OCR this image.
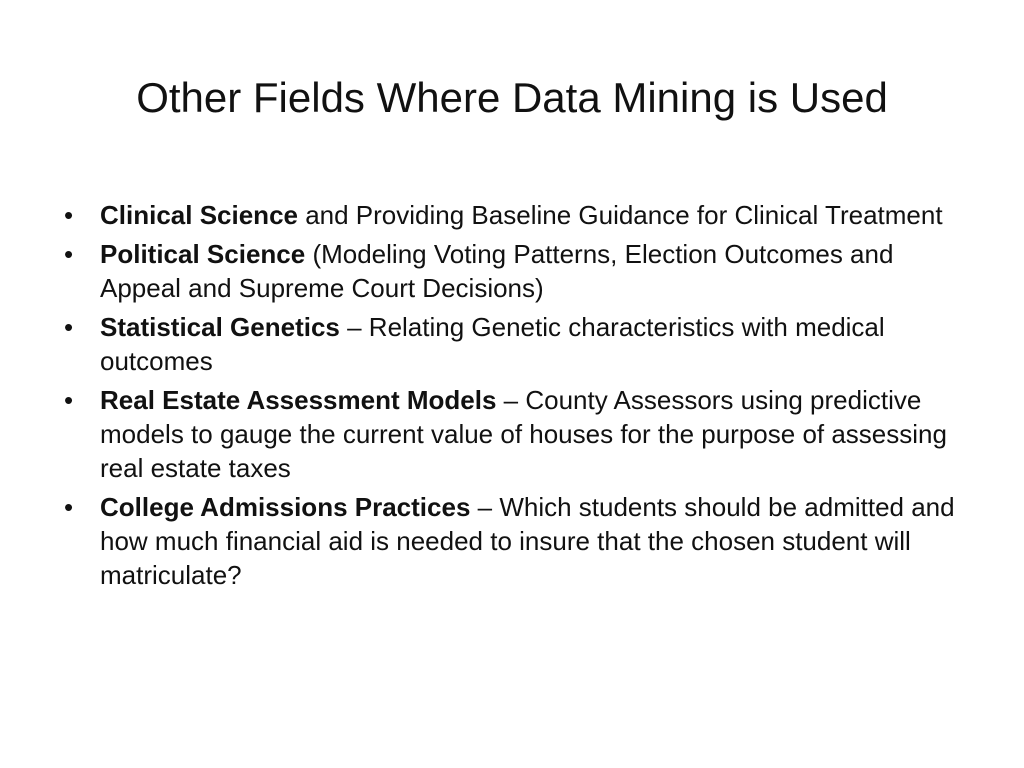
Other Fields Where Data Mining is Used
•	Clinical Science and Providing Baseline Guidance for Clinical Treatment
•	Political Science (Modeling Voting Patterns, Election Outcomes and Appeal and Supreme Court Decisions)
•	Statistical Genetics – Relating Genetic characteristics with medical outcomes
•	Real Estate Assessment Models – County Assessors using predictive models to gauge the current value of houses for the purpose of assessing real estate taxes
•	College Admissions Practices – Which students should be admitted and how much financial aid is needed to insure that the chosen student will matriculate?
